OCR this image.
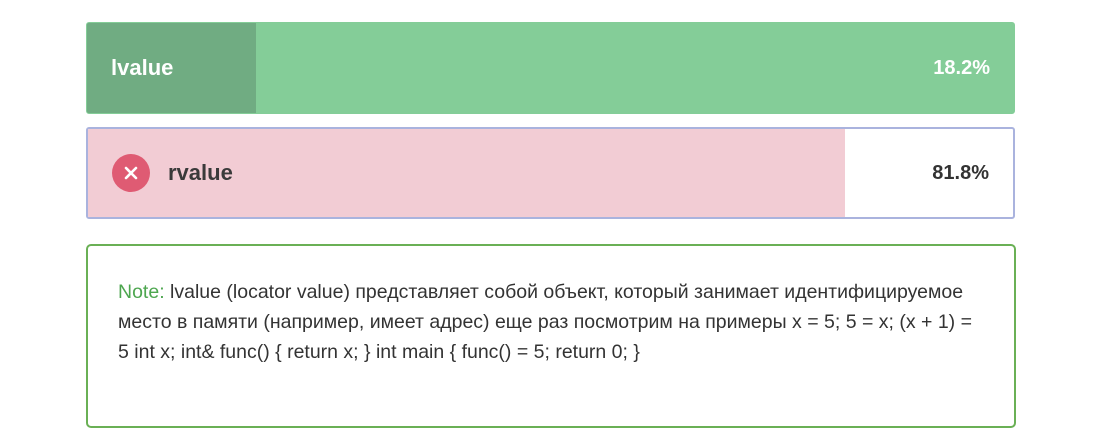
lvalue	18.2%
rvalue	81.8%
Note: lvalue (locator value) представляет собой объект, который занимает идентифицируемое место в памяти (например, имеет адрес) еще раз посмотрим на примеры x = 5; 5 = x; (x + 1) = 5 int x; int& func() { return x; } int main { func() = 5; return 0; }
